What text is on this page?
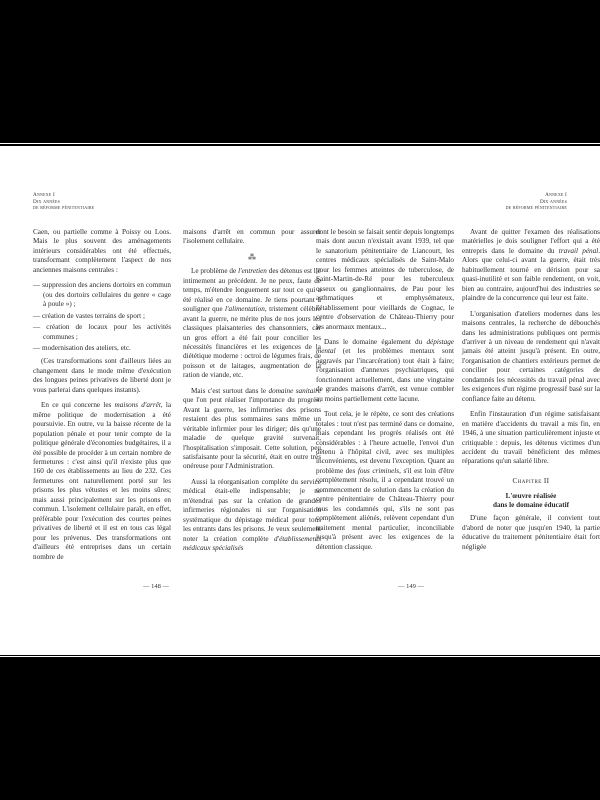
Annexe I
Dix années
de réforme pénitentiaire
Annexe I
Dix années
de réforme pénitentiaire

Caen, ou partielle comme à Poissy ou Loos. Mais le plus souvent des aménagements intérieurs considérables ont été effectués, transformant complètement l'aspect de nos anciennes maisons centrales :

— suppression des anciens dortoirs en commun (ou des dortoirs cellulaires du genre « cage à poule ») ;
— création de vastes terrains de sport ;
— création de locaux pour les activités communes ;
— modernisation des ateliers, etc.

(Ces transformations sont d'ailleurs liées au changement dans le mode même d'exécution des longues peines privatives de liberté dont je vous parlerai dans quelques instants).

En ce qui concerne les maisons d'arrêt, la même politique de modernisation a été poursuivie. En outre, vu la baisse récente de la population pénale et pour tenir compte de la politique générale d'économies budgétaires, il a été possible de procéder à un certain nombre de fermetures : c'est ainsi qu'il n'existe plus que 160 de ces établissements au lieu de 232. Ces fermetures ont naturellement porté sur les prisons les plus vétustes et les moins sûres; mais aussi principalement sur les prisons en commun. L'isolement cellulaire paraît, en effet, préférable pour l'exécution des courtes peines privatives de liberté et il est en tous cas légal pour les prévenus. Des transformations ont d'ailleurs été entreprises dans un certain nombre de

maisons d'arrêt en commun pour assurer l'isolement cellulaire.

⁂

Le problème de l'entretien des détenus est lié intimement au précédent. Je ne peux, faute de temps, m'étendre longuement sur tout ce qui a été réalisé en ce domaine. Je tiens pourtant à souligner que l'alimentation, tristement célèbre avant la guerre, ne mérite plus de nos jours les classiques plaisanteries des chansonniers, car un gros effort a été fait pour concilier les nécessités financières et les exigences de la diététique moderne : octroi de légumes frais, de poisson et de laitages, augmentation de la ration de viande, etc.

Mais c'est surtout dans le domaine sanitaire que l'on peut réaliser l'importance du progrès. Avant la guerre, les infirmeries des prisons restaient des plus sommaires sans même un véritable infirmier pour les diriger; dès qu'une maladie de quelque gravité survenait, l'hospitalisation s'imposait. Cette solution, peu satisfaisante pour la sécurité, était en outre très onéreuse pour l'Administration.

Aussi la réorganisation complète du service médical était-elle indispensable; je ne m'étendrai pas sur la création de grandes infirmeries régionales ni sur l'organisation systématique du dépistage médical pour tous les entrants dans les prisons. Je veux seulement noter la création complète d'établissements médicaux spécialisés

— 148 —

dont le besoin se faisait sentir depuis longtemps mais dont aucun n'existait avant 1939, tel que le sanatorium pénitentiaire de Liancourt, les centres médicaux spécialisés de Saint-Malo pour les femmes atteintes de tuberculose, de Saint-Martin-de-Ré pour les tuberculeux osseux ou ganglionnaires, de Pau pour les asthmatiques et emphysémateux, l'établissement pour vieillards de Cognac, le centre d'observation de Château-Thierry pour les anormaux mentaux...

Dans le domaine également du dépistage mental (et les problèmes mentaux sont aggravés par l'incarcération) tout était à faire; l'organisation d'annexes psychiatriques, qui fonctionnent actuellement, dans une vingtaine de grandes maisons d'arrêt, est venue combler au moins partiellement cette lacune.

Tout cela, je le répète, ce sont des créations totales : tout n'est pas terminé dans ce domaine, mais cependant les progrès réalisés ont été considérables : à l'heure actuelle, l'envoi d'un détenu à l'hôpital civil, avec ses multiples inconvénients, est devenu l'exception. Quant au problème des fous criminels, s'il est loin d'être complètement résolu, il a cependant trouvé un commencement de solution dans la création du centre pénitentiaire de Château-Thierry pour tous les condamnés qui, s'ils ne sont pas complètement aliénés, relèvent cependant d'un traitement mental particulier, inconciliable jusqu'à présent avec les exigences de la détention classique.

Avant de quitter l'examen des réalisations matérielles je dois souligner l'effort qui a été entrepris dans le domaine du travail pénal. Alors que celui-ci avant la guerre, était très habituellement tourné en dérision pour sa quasi-inutilité et son faible rendement, on voit, bien au contraire, aujourd'hui des industries se plaindre de la concurrence qui leur est faite.

L'organisation d'ateliers modernes dans les maisons centrales, la recherche de débouchés dans les administrations publiques ont permis d'arriver à un niveau de rendement qui n'avait jamais été atteint jusqu'à présent. En outre, l'organisation de chantiers extérieurs permet de concilier pour certaines catégories de condamnés les nécessités du travail pénal avec les exigences d'un régime progressif basé sur la confiance faite au détenu.

Enfin l'instauration d'un régime satisfaisant en matière d'accidents du travail a mis fin, en 1946, à une situation particulièrement injuste et critiquable : depuis, les détenus victimes d'un accident du travail bénéficient des mêmes réparations qu'un salarié libre.

Chapitre II
L'œuvre réalisée
dans le domaine éducatif

D'une façon générale, il convient tout d'abord de noter que jusqu'en 1940, la partie éducative du traitement pénitentiaire était fort négligée

— 149 —
